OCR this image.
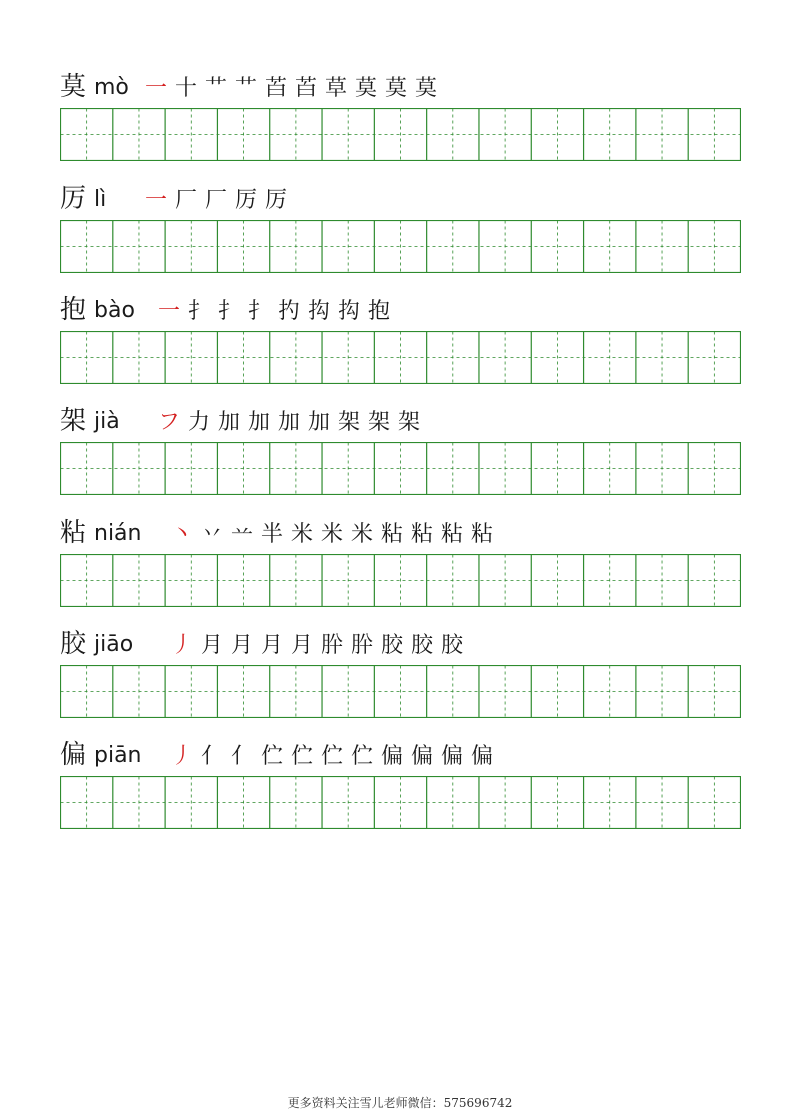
莫 mò 一 十 艹 艹 苩 苩 草 莫 莫 莫
厉 lì 一 厂 厂 厉 厉
抱 bào 一 扌 扌 扌 扚 抅 抅 抱
架 jià フ 力 加 加 加 加 架 架 架
粘 nián 丶 丷 䒑 半 米 米 米 粘 粘 粘 粘
胶 jiāo 丿 月 月 月 月 肸 肸 胶 胶 胶
偏 piān 丿 亻 亻 伫 伫 伫 伫 偏 偏 偏 偏
更多资料关注雪儿老师微信：575696742
